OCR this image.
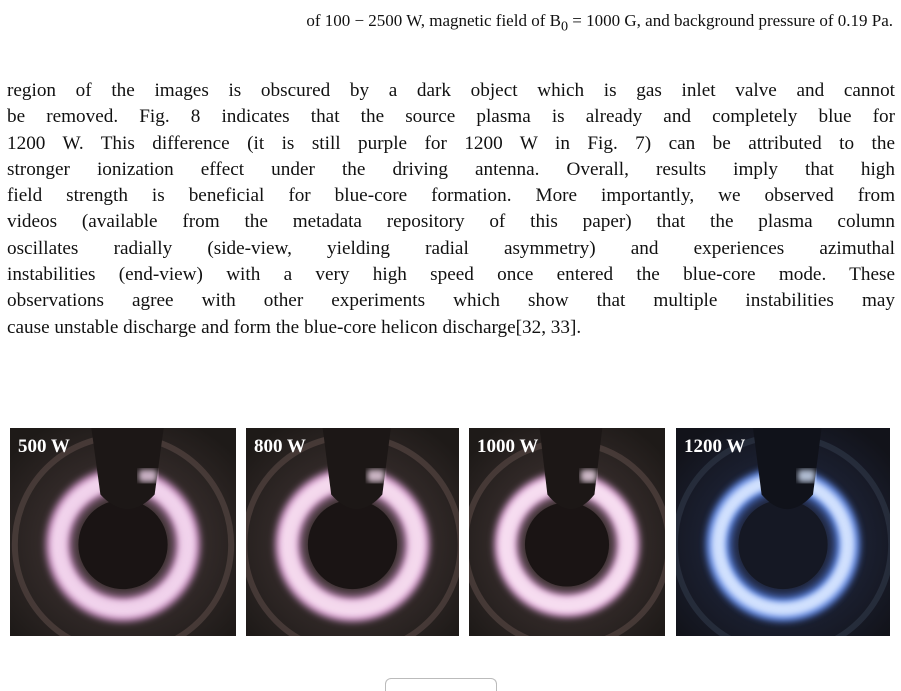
of 100 − 2500 W, magnetic field of $B_0 = 1000$ G, and background pressure of 0.19 Pa.
region of the images is obscured by a dark object which is gas inlet valve and cannot
be removed. Fig. 8 indicates that the source plasma is already and completely blue for
1200 W. This difference (it is still purple for 1200 W in Fig. 7) can be attributed to the
stronger ionization effect under the driving antenna. Overall, results imply that high
field strength is beneficial for blue-core formation. More importantly, we observed from
videos (available from the metadata repository of this paper) that the plasma column
oscillates radially (side-view, yielding radial asymmetry) and experiences azimuthal
instabilities (end-view) with a very high speed once entered the blue-core mode. These
observations agree with other experiments which show that multiple instabilities may
cause unstable discharge and form the blue-core helicon discharge[32, 33].
500 W	800 W	1000 W	1200 W
